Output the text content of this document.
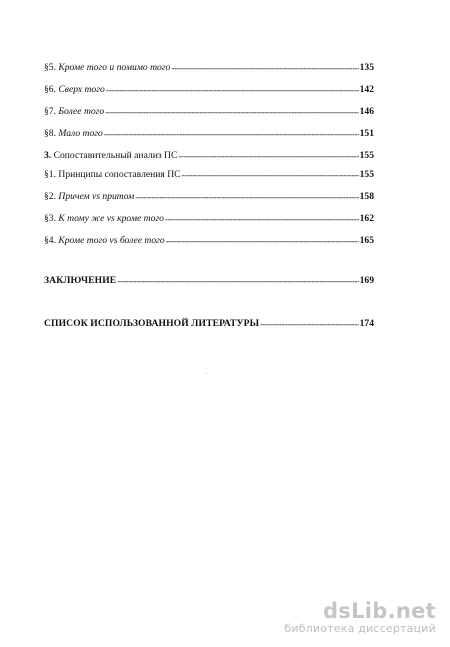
§5. Кроме того и помимо того -----	135
§6. Сверх того -----	142
§7. Более того -----	146
§8. Мало того -----	151
3. Сопоставительный анализ ПС -----	155
§1. Принципы сопоставления ПС -----	155
§2. Причем vs притом -----	158
§3. К тому же vs кроме того -----	162
§4. Кроме того vs более того -----	165
ЗАКЛЮЧЕНИЕ -----	169
СПИСОК ИСПОЛЬЗОВАННОЙ ЛИТЕРАТУРЫ -----	174
dsLib.net
библиотека диссертаций
